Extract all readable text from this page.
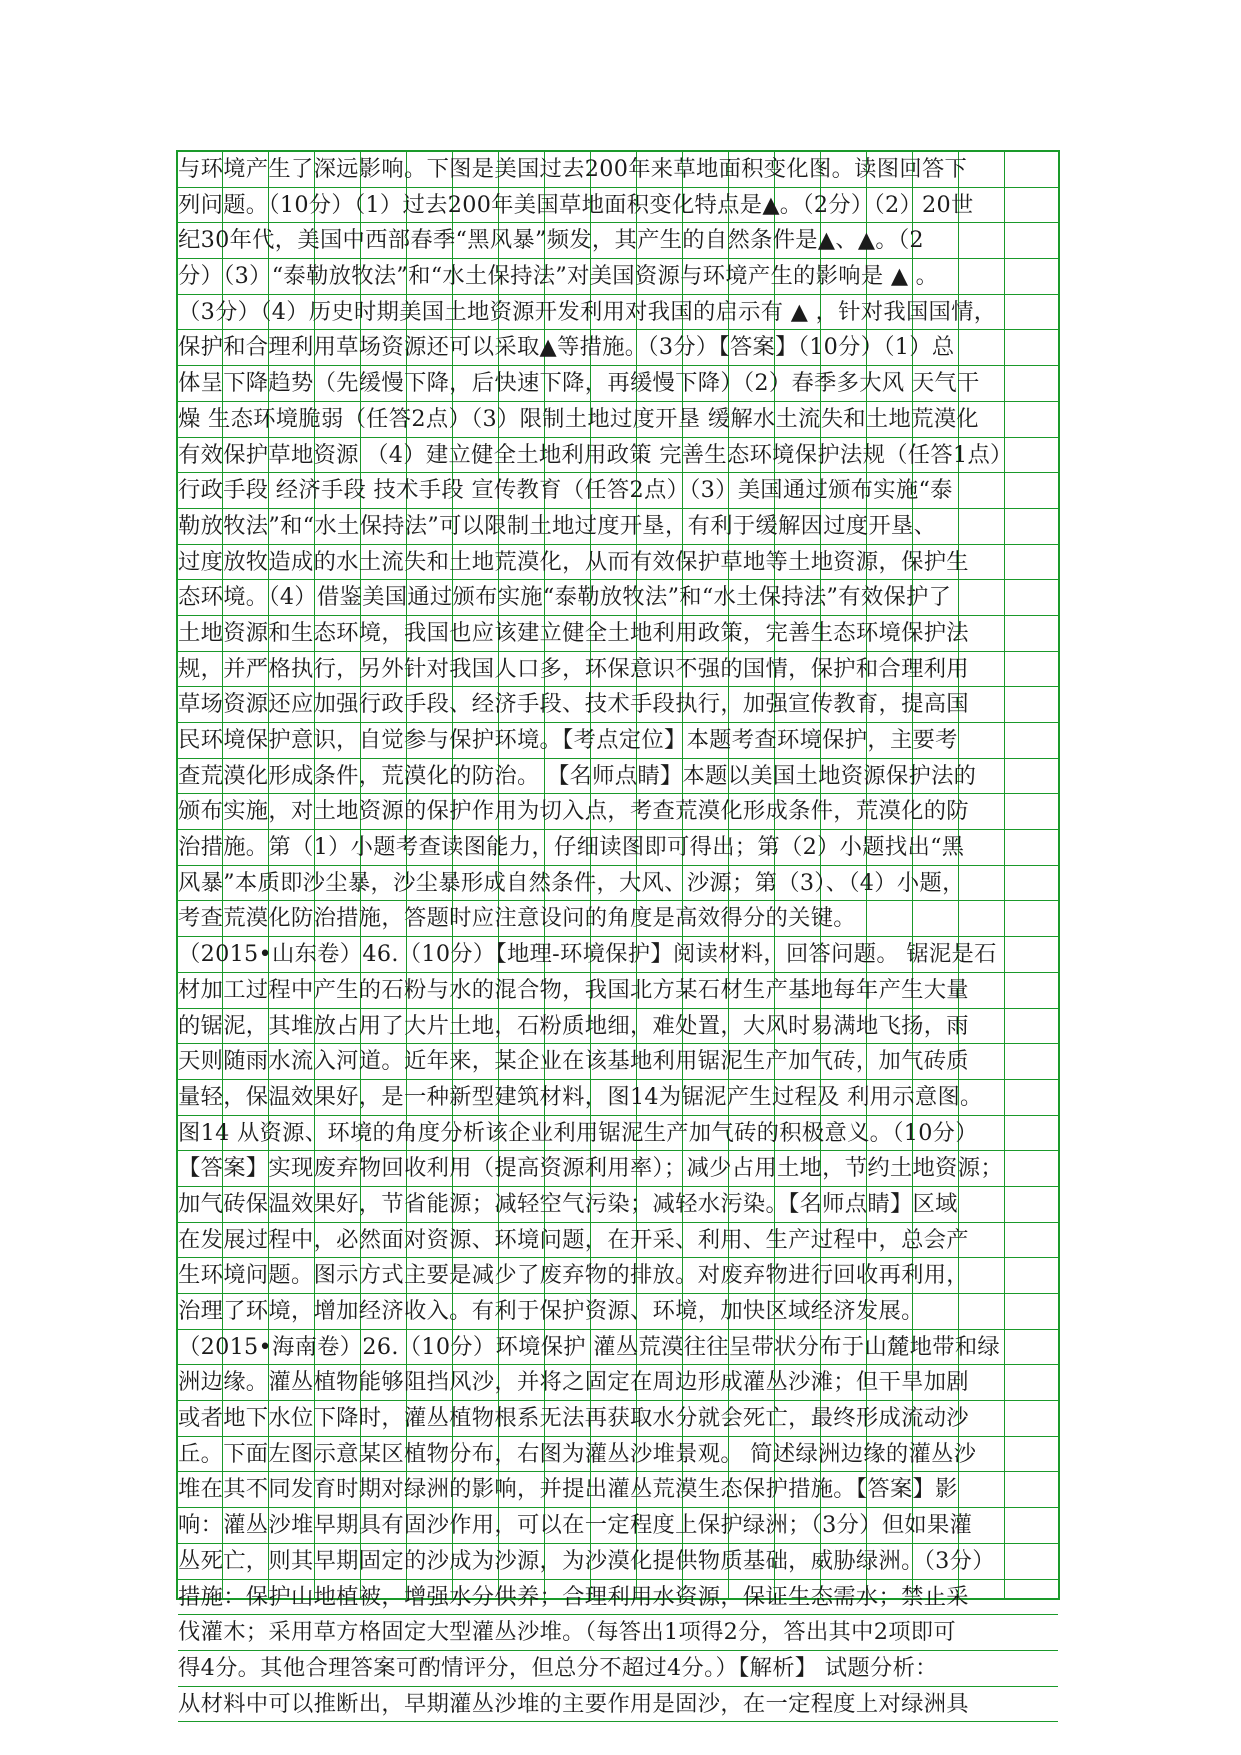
与环境产生了深远影响。下图是美国过去200年来草地面积变化图。读图回答下
列问题。（10分）（1）过去200年美国草地面积变化特点是▲。（2分）（2）20世
纪30年代，美国中西部春季“黑风暴”频发，其产生的自然条件是▲、▲。（2
分）（3）“泰勒放牧法”和“水土保持法”对美国资源与环境产生的影响是 ▲ 。
（3分）（4）历史时期美国土地资源开发利用对我国的启示有 ▲ ，针对我国国情，
保护和合理利用草场资源还可以采取▲等措施。（3分）【答案】（10分）（1）总
体呈下降趋势（先缓慢下降，后快速下降，再缓慢下降）（2）春季多大风 天气干
燥 生态环境脆弱（任答2点）（3）限制土地过度开垦 缓解水土流失和土地荒漠化
有效保护草地资源 （4）建立健全土地利用政策 完善生态环境保护法规（任答1点）
行政手段 经济手段 技术手段 宣传教育（任答2点）（3）美国通过颁布实施“泰
勒放牧法”和“水土保持法”可以限制土地过度开垦，有利于缓解因过度开垦、
过度放牧造成的水土流失和土地荒漠化，从而有效保护草地等土地资源，保护生
态环境。（4）借鉴美国通过颁布实施“泰勒放牧法”和“水土保持法”有效保护了
土地资源和生态环境，我国也应该建立健全土地利用政策，完善生态环境保护法
规，并严格执行，另外针对我国人口多，环保意识不强的国情，保护和合理利用
草场资源还应加强行政手段、经济手段、技术手段执行，加强宣传教育，提高国
民环境保护意识，自觉参与保护环境。【考点定位】本题考查环境保护，主要考
查荒漠化形成条件，荒漠化的防治。 【名师点睛】本题以美国土地资源保护法的
颁布实施，对土地资源的保护作用为切入点，考查荒漠化形成条件，荒漠化的防
治措施。第（1）小题考查读图能力，仔细读图即可得出；第（2）小题找出“黑
风暴”本质即沙尘暴，沙尘暴形成自然条件，大风、沙源；第（3）、（4）小题，
考查荒漠化防治措施，答题时应注意设问的角度是高效得分的关键。
（2015•山东卷）46.（10分）【地理-环境保护】阅读材料，回答问题。 锯泥是石
材加工过程中产生的石粉与水的混合物，我国北方某石材生产基地每年产生大量
的锯泥，其堆放占用了大片土地，石粉质地细，难处置，大风时易满地飞扬，雨
天则随雨水流入河道。近年来，某企业在该基地利用锯泥生产加气砖，加气砖质
量轻，保温效果好，是一种新型建筑材料，图14为锯泥产生过程及 利用示意图。
图14 从资源、环境的角度分析该企业利用锯泥生产加气砖的积极意义。（10分）
【答案】实现废弃物回收利用（提高资源利用率）；减少占用土地，节约土地资源；
加气砖保温效果好，节省能源；减轻空气污染；减轻水污染。【名师点睛】区域
在发展过程中，必然面对资源、环境问题，在开采、利用、生产过程中，总会产
生环境问题。图示方式主要是减少了废弃物的排放。对废弃物进行回收再利用，
治理了环境，增加经济收入。有利于保护资源、环境，加快区域经济发展。
（2015•海南卷）26.（10分）环境保护 灌丛荒漠往往呈带状分布于山麓地带和绿
洲边缘。灌丛植物能够阻挡风沙，并将之固定在周边形成灌丛沙滩；但干旱加剧
或者地下水位下降时，灌丛植物根系无法再获取水分就会死亡，最终形成流动沙
丘。下面左图示意某区植物分布，右图为灌丛沙堆景观。 简述绿洲边缘的灌丛沙
堆在其不同发育时期对绿洲的影响，并提出灌丛荒漠生态保护措施。【答案】影
响：灌丛沙堆早期具有固沙作用，可以在一定程度上保护绿洲；（3分）但如果灌
丛死亡，则其早期固定的沙成为沙源，为沙漠化提供物质基础，威胁绿洲。（3分）
措施：保护山地植被，增强水分供养；合理利用水资源，保证生态需水；禁止采
伐灌木；采用草方格固定大型灌丛沙堆。（每答出1项得2分，答出其中2项即可
得4分。其他合理答案可酌情评分，但总分不超过4分。）【解析】 试题分析：
从材料中可以推断出，早期灌丛沙堆的主要作用是固沙，在一定程度上对绿洲具
